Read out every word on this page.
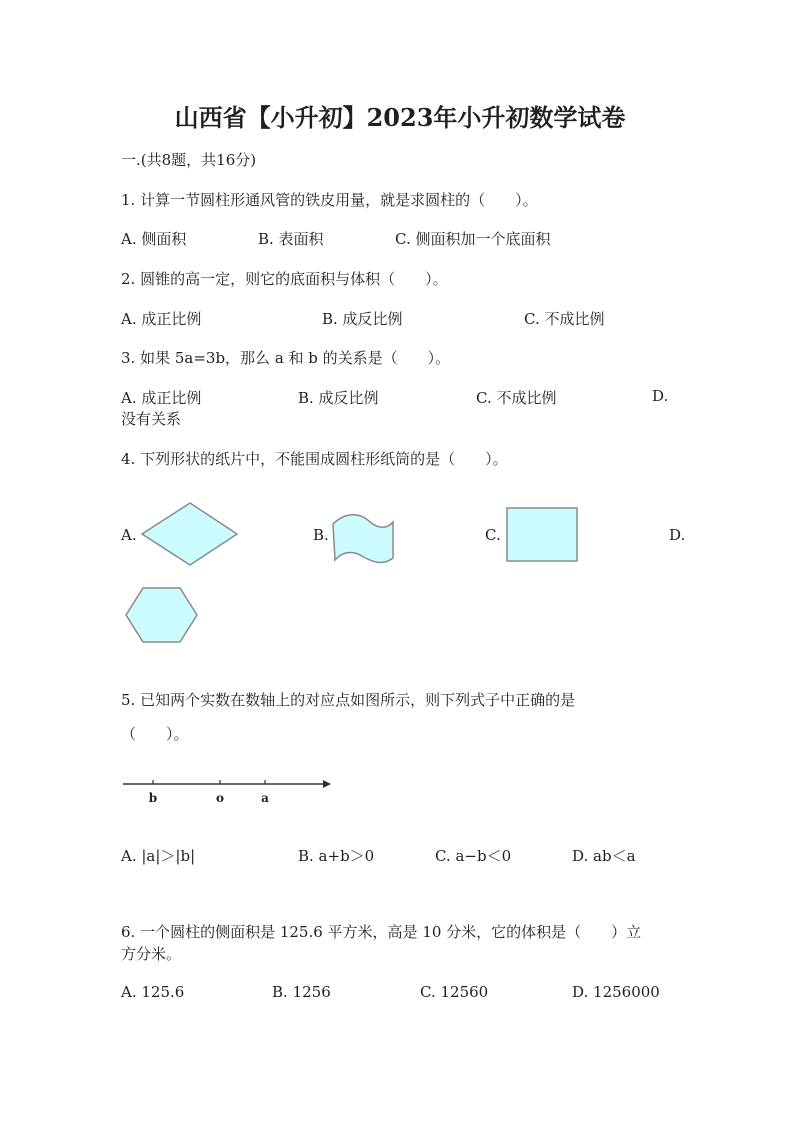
山西省【小升初】2023年小升初数学试卷
一.(共8题，共16分)
1. 计算一节圆柱形通风管的铁皮用量，就是求圆柱的（　　）。
A. 侧面积	B. 表面积	C. 侧面积加一个底面积
2. 圆锥的高一定，则它的底面积与体积（　　）。
A. 成正比例	B. 成反比例	C. 不成比例
3. 如果 5a=3b，那么 a 和 b 的关系是（　　）。
A. 成正比例	B. 成反比例	C. 不成比例	D.
没有关系
4. 下列形状的纸片中，不能围成圆柱形纸筒的是（　　）。
A.	B.	C.	D.
5. 已知两个实数在数轴上的对应点如图所示，则下列式子中正确的是
（　　）。
b	o	a
A. |a|＞|b|	B. a+b＞0	C. a−b＜0	D. ab＜a
6. 一个圆柱的侧面积是 125.6 平方米，高是 10 分米，它的体积是（　　）立
方分米。
A. 125.6	B. 1256	C. 12560	D. 1256000
